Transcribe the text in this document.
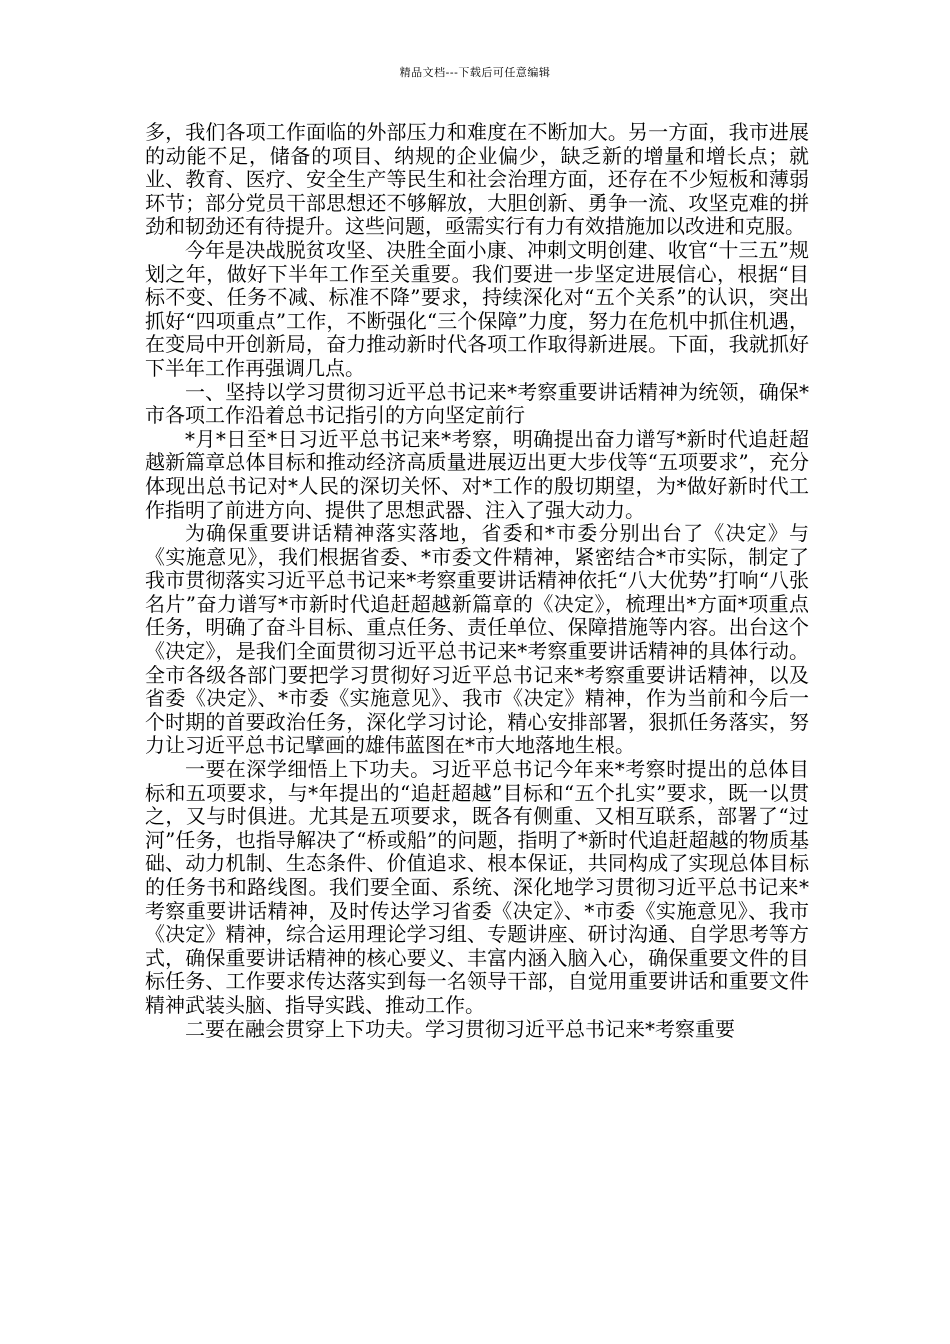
精品文档---下载后可任意编辑

多，我们各项工作面临的外部压力和难度在不断加大。另一方面，我市进展的动能不足，储备的项目、纳规的企业偏少，缺乏新的增量和增长点；就业、教育、医疗、安全生产等民生和社会治理方面，还存在不少短板和薄弱环节；部分党员干部思想还不够解放，大胆创新、勇争一流、攻坚克难的拼劲和韧劲还有待提升。这些问题，亟需实行有力有效措施加以改进和克服。

今年是决战脱贫攻坚、决胜全面小康、冲刺文明创建、收官“十三五”规划之年，做好下半年工作至关重要。我们要进一步坚定进展信心，根据“目标不变、任务不减、标准不降”要求，持续深化对“五个关系”的认识，突出抓好“四项重点”工作，不断强化“三个保障”力度，努力在危机中抓住机遇，在变局中开创新局，奋力推动新时代各项工作取得新进展。下面，我就抓好下半年工作再强调几点。

一、坚持以学习贯彻习近平总书记来*考察重要讲话精神为统领，确保*市各项工作沿着总书记指引的方向坚定前行

*月*日至*日习近平总书记来*考察，明确提出奋力谱写*新时代追赶超越新篇章总体目标和推动经济高质量进展迈出更大步伐等“五项要求”，充分体现出总书记对*人民的深切关怀、对*工作的殷切期望，为*做好新时代工作指明了前进方向、提供了思想武器、注入了强大动力。

为确保重要讲话精神落实落地，省委和*市委分别出台了《决定》与《实施意见》，我们根据省委、*市委文件精神，紧密结合*市实际，制定了我市贯彻落实习近平总书记来*考察重要讲话精神依托“八大优势”打响“八张名片”奋力谱写*市新时代追赶超越新篇章的《决定》，梳理出*方面*项重点任务，明确了奋斗目标、重点任务、责任单位、保障措施等内容。出台这个《决定》，是我们全面贯彻习近平总书记来*考察重要讲话精神的具体行动。全市各级各部门要把学习贯彻好习近平总书记来*考察重要讲话精神，以及省委《决定》、*市委《实施意见》、我市《决定》精神，作为当前和今后一个时期的首要政治任务，深化学习讨论，精心安排部署，狠抓任务落实，努力让习近平总书记擘画的雄伟蓝图在*市大地落地生根。

一要在深学细悟上下功夫。习近平总书记今年来*考察时提出的总体目标和五项要求，与*年提出的“追赶超越”目标和“五个扎实”要求，既一以贯之，又与时俱进。尤其是五项要求，既各有侧重、又相互联系，部署了“过河”任务，也指导解决了“桥或船”的问题，指明了*新时代追赶超越的物质基础、动力机制、生态条件、价值追求、根本保证，共同构成了实现总体目标的任务书和路线图。我们要全面、系统、深化地学习贯彻习近平总书记来*考察重要讲话精神，及时传达学习省委《决定》、*市委《实施意见》、我市《决定》精神，综合运用理论学习组、专题讲座、研讨沟通、自学思考等方式，确保重要讲话精神的核心要义、丰富内涵入脑入心，确保重要文件的目标任务、工作要求传达落实到每一名领导干部，自觉用重要讲话和重要文件精神武装头脑、指导实践、推动工作。

二要在融会贯穿上下功夫。学习贯彻习近平总书记来*考察重要
